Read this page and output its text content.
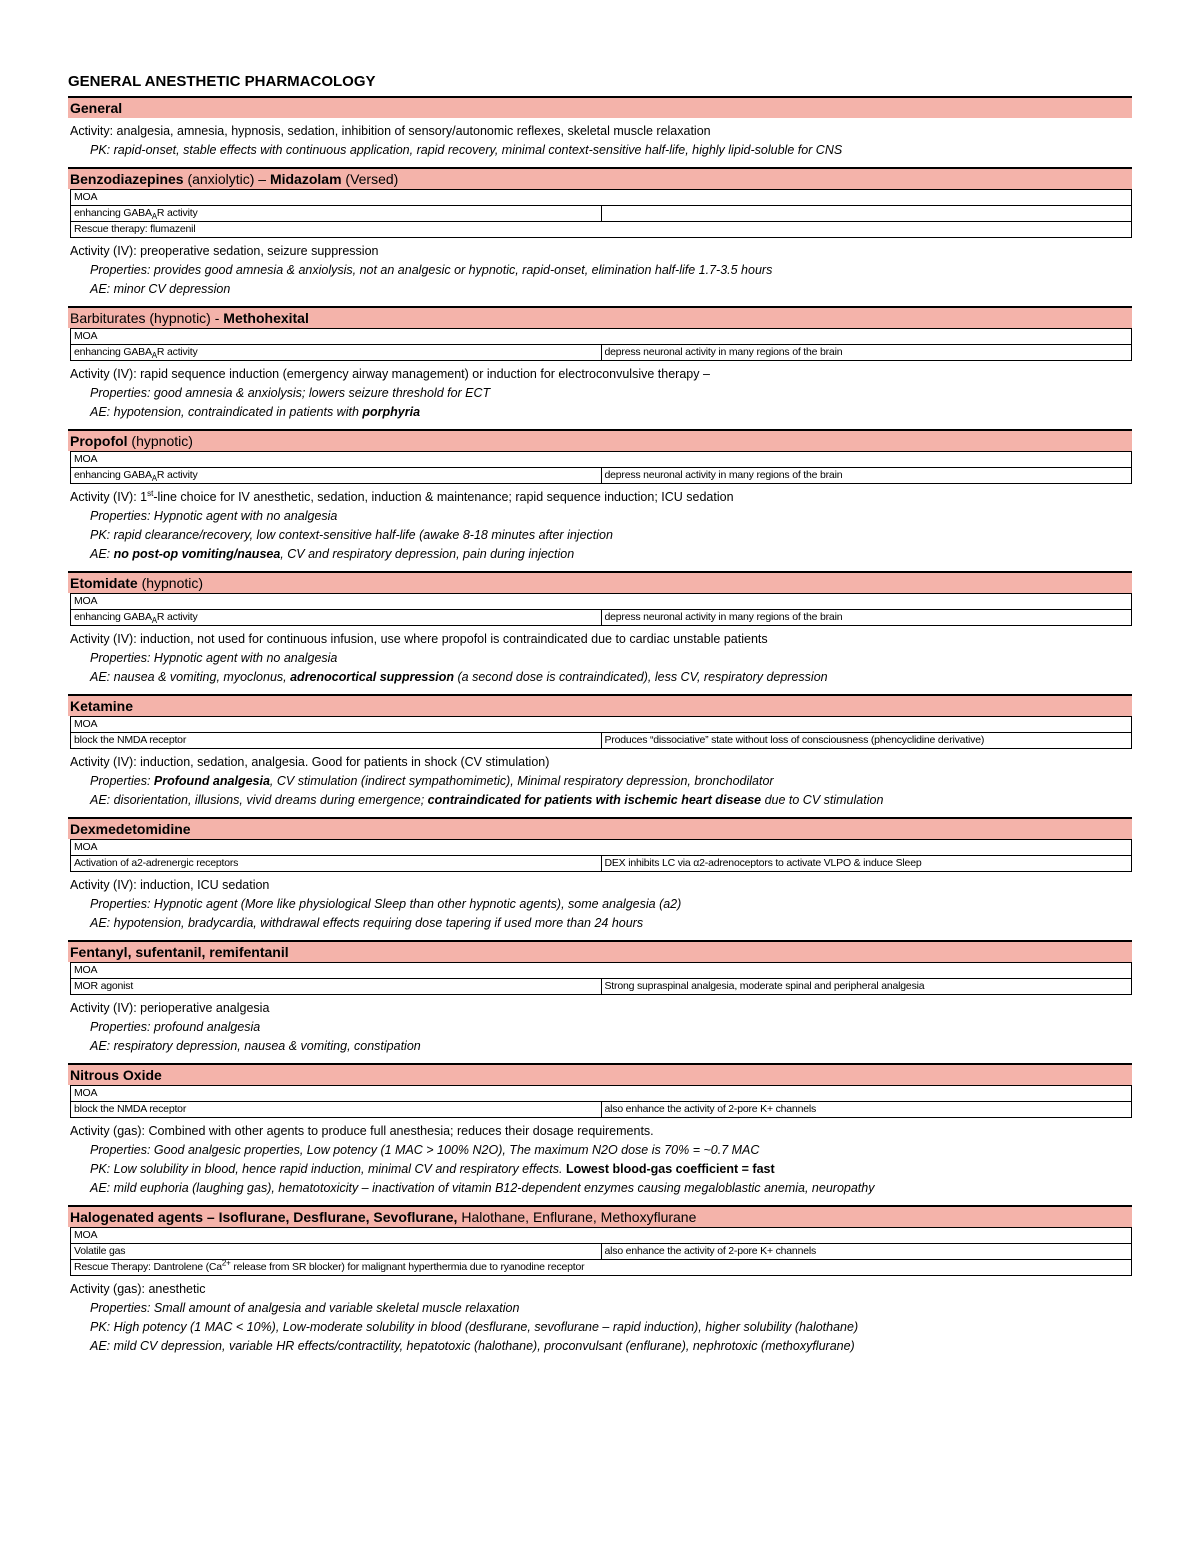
GENERAL ANESTHETIC PHARMACOLOGY
General
Activity: analgesia, amnesia, hypnosis, sedation, inhibition of sensory/autonomic reflexes, skeletal muscle relaxation
PK: rapid-onset, stable effects with continuous application, rapid recovery, minimal context-sensitive half-life, highly lipid-soluble for CNS
Benzodiazepines (anxiolytic) – Midazolam (Versed)
MOA
enhancing $GABA_AR$ activity	
Rescue therapy: flumazenil
Activity (IV): preoperative sedation, seizure suppression
Properties: provides good amnesia & anxiolysis, not an analgesic or hypnotic, rapid-onset, elimination half-life 1.7-3.5 hours
AE: minor CV depression
Barbiturates (hypnotic) - Methohexital
MOA
enhancing $GABA_AR$ activity	depress neuronal activity in many regions of the brain
Activity (IV): rapid sequence induction (emergency airway management) or induction for electroconvulsive therapy –
Properties: good amnesia & anxiolysis; lowers seizure threshold for ECT
AE: hypotension, contraindicated in patients with porphyria
Propofol (hypnotic)
MOA
enhancing $GABA_AR$ activity	depress neuronal activity in many regions of the brain
Activity (IV): 1st-line choice for IV anesthetic, sedation, induction & maintenance; rapid sequence induction; ICU sedation
Properties: Hypnotic agent with no analgesia
PK: rapid clearance/recovery, low context-sensitive half-life (awake 8-18 minutes after injection
AE: no post-op vomiting/nausea, CV and respiratory depression, pain during injection
Etomidate (hypnotic)
MOA
enhancing $GABA_AR$ activity	depress neuronal activity in many regions of the brain
Activity (IV): induction, not used for continuous infusion, use where propofol is contraindicated due to cardiac unstable patients
Properties: Hypnotic agent with no analgesia
AE: nausea & vomiting, myoclonus, adrenocortical suppression (a second dose is contraindicated), less CV, respiratory depression
Ketamine
MOA
block the NMDA receptor	Produces “dissociative” state without loss of consciousness (phencyclidine derivative)
Activity (IV): induction, sedation, analgesia. Good for patients in shock (CV stimulation)
Properties: Profound analgesia, CV stimulation (indirect sympathomimetic), Minimal respiratory depression, bronchodilator
AE: disorientation, illusions, vivid dreams during emergence; contraindicated for patients with ischemic heart disease due to CV stimulation
Dexmedetomidine
MOA
Activation of a2-adrenergic receptors	DEX inhibits LC via α2-adrenoceptors to activate VLPO & induce Sleep
Activity (IV): induction, ICU sedation
Properties: Hypnotic agent (More like physiological Sleep than other hypnotic agents), some analgesia (a2)
AE: hypotension, bradycardia, withdrawal effects requiring dose tapering if used more than 24 hours
Fentanyl, sufentanil, remifentanil
MOA
MOR agonist	Strong supraspinal analgesia, moderate spinal and peripheral analgesia
Activity (IV): perioperative analgesia
Properties: profound analgesia
AE: respiratory depression, nausea & vomiting, constipation
Nitrous Oxide
MOA
block the NMDA receptor	also enhance the activity of 2-pore K+ channels
Activity (gas): Combined with other agents to produce full anesthesia; reduces their dosage requirements.
Properties: Good analgesic properties, Low potency (1 MAC > 100% N2O), The maximum N2O dose is 70% = ~0.7 MAC
PK: Low solubility in blood, hence rapid induction, minimal CV and respiratory effects. Lowest blood-gas coefficient = fast
AE: mild euphoria (laughing gas), hematotoxicity – inactivation of vitamin B12-dependent enzymes causing megaloblastic anemia, neuropathy
Halogenated agents – Isoflurane, Desflurane, Sevoflurane, Halothane, Enflurane, Methoxyflurane
MOA
Volatile gas	also enhance the activity of 2-pore K+ channels
Rescue Therapy: Dantrolene ($Ca^{2+}$ release from SR blocker) for malignant hyperthermia due to ryanodine receptor
Activity (gas): anesthetic
Properties: Small amount of analgesia and variable skeletal muscle relaxation
PK: High potency (1 MAC < 10%), Low-moderate solubility in blood (desflurane, sevoflurane – rapid induction), higher solubility (halothane)
AE: mild CV depression, variable HR effects/contractility, hepatotoxic (halothane), proconvulsant (enflurane), nephrotoxic (methoxyflurane)
